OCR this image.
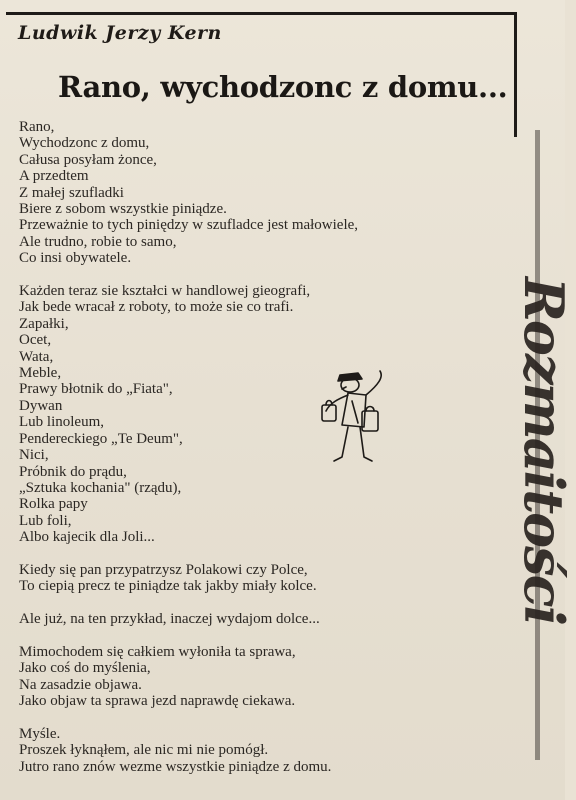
Ludwik Jerzy Kern
Rano, wychodzonc z domu...
Rano,
Wychodzonc z domu,
Całusa posyłam żonce,
A przedtem
Z małej szufladki
Biere z sobom wszystkie piniądze.
Przeważnie to tych piniędzy w szufladce jest małowiele,
Ale trudno, robie to samo,
Co insi obywatele.
Każden teraz sie kształci w handlowej gieografi,
Jak bede wracał z roboty, to może sie co trafi.
Zapałki,
Ocet,
Wata,
Meble,
Prawy błotnik do „Fiata",
Dywan
Lub linoleum,
Pendereckiego „Te Deum",
Nici,
Próbnik do prądu,
„Sztuka kochania" (rządu),
Rolka papy
Lub foli,
Albo kajecik dla Joli...
Kiedy się pan przypatrzysz Polakowi czy Polce,
To ciepią precz te piniądze tak jakby miały kolce.
Ale już, na ten przykład, inaczej wydajom dolce...
Mimochodem się całkiem wyłoniła ta sprawa,
Jako coś do myślenia,
Na zasadzie objawa.
Jako objaw ta sprawa jezd naprawdę ciekawa.
Myśle.
Proszek łyknąłem, ale nic mi nie pomógł.
Jutro rano znów wezme wszystkie piniądze z domu.
Rozmaitości
